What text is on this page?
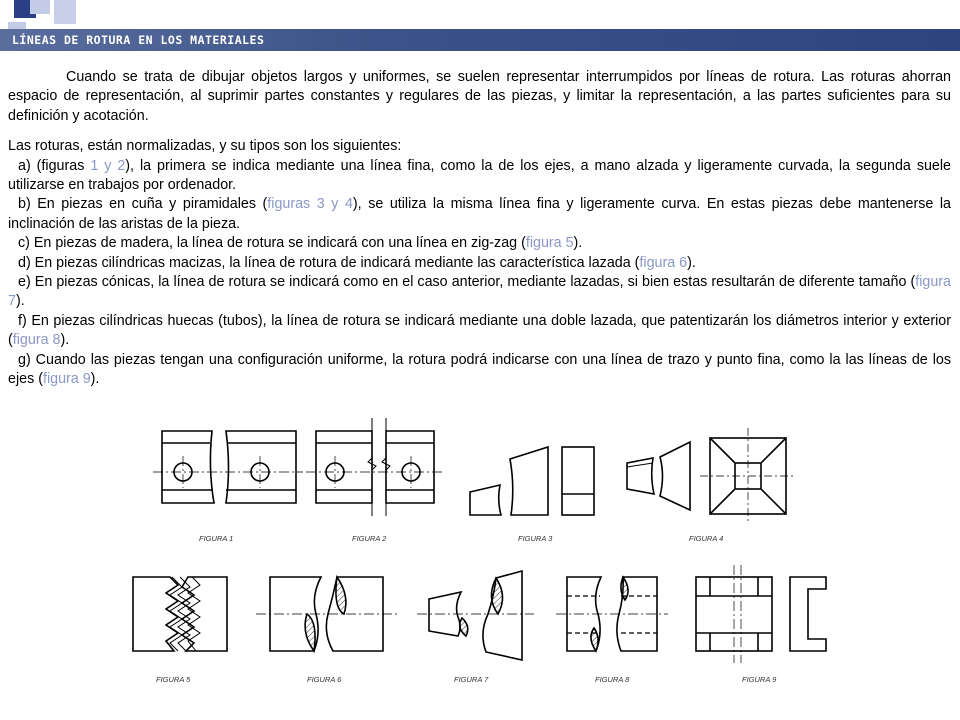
LÍNEAS DE ROTURA EN LOS MATERIALES

Cuando se trata de dibujar objetos largos y uniformes, se suelen representar interrumpidos por líneas de rotura. Las roturas ahorran espacio de representación, al suprimir partes constantes y regulares de las piezas, y limitar la representación, a las partes suficientes para su definición y acotación.

Las roturas, están normalizadas, y su tipos son los siguientes:

a) (figuras 1 y 2), la primera se indica mediante una línea fina, como la de los ejes, a mano alzada y ligeramente curvada, la segunda suele utilizarse en trabajos por ordenador.

b) En piezas en cuña y piramidales (figuras 3 y 4), se utiliza la misma línea fina y ligeramente curva. En estas piezas debe mantenerse la inclinación de las aristas de la pieza.

c) En piezas de madera, la línea de rotura se indicará con una línea en zig-zag (figura 5).

d) En piezas cilíndricas macizas, la línea de rotura de indicará mediante las característica lazada (figura 6).

e) En piezas cónicas, la línea de rotura se indicará como en el caso anterior, mediante lazadas, si bien estas resultarán de diferente tamaño (figura 7).

f) En piezas cilíndricas huecas (tubos), la línea de rotura se indicará mediante una doble lazada, que patentizarán los diámetros interior y exterior (figura 8).

g) Cuando las piezas tengan una configuración uniforme, la rotura podrá indicarse con una línea de trazo y punto fina, como la las líneas de los ejes (figura 9).

FIGURA 1	FIGURA 2	FIGURA 3	FIGURA 4
FIGURA 5	FIGURA 6	FIGURA 7	FIGURA 8	FIGURA 9
